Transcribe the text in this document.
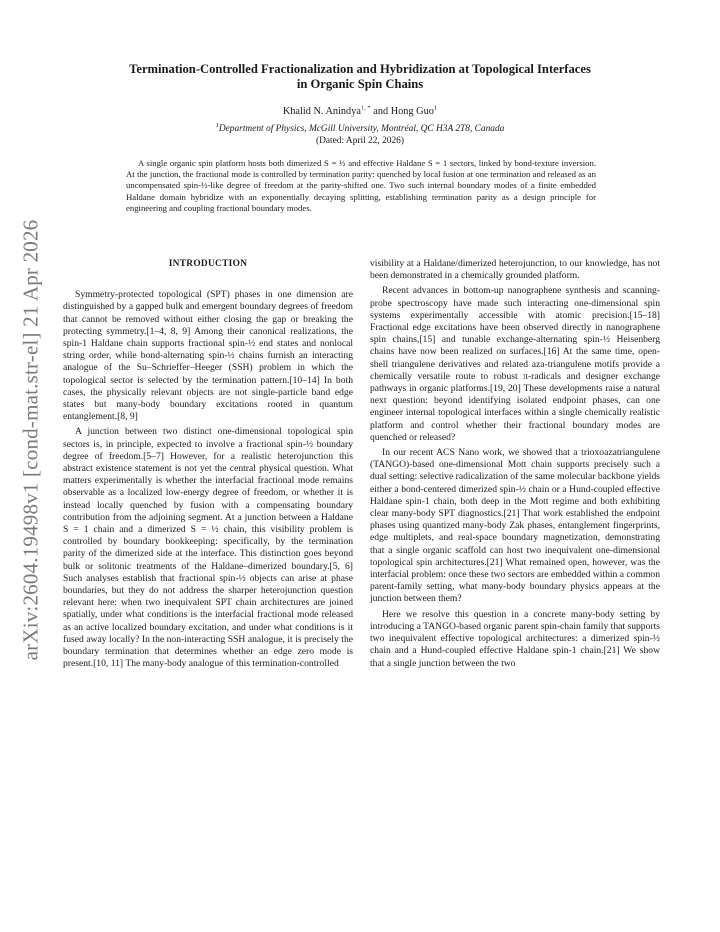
arXiv:2604.19498v1 [cond-mat.str-el] 21 Apr 2026
Termination-Controlled Fractionalization and Hybridization at Topological Interfaces
in Organic Spin Chains
Khalid N. Anindya$^{1, *}$ and Hong Guo$^1$
$^1$Department of Physics, McGill University, Montréal, QC H3A 2T8, Canada
(Dated: April 22, 2026)

A single organic spin platform hosts both dimerized S = ½ and effective Haldane S = 1 sectors, linked by bond-texture inversion. At the junction, the fractional mode is controlled by termination parity: quenched by local fusion at one termination and released as an uncompensated spin-½-like degree of freedom at the parity-shifted one. Two such internal boundary modes of a finite embedded Haldane domain hybridize with an exponentially decaying splitting, establishing termination parity as a design principle for engineering and coupling fractional boundary modes.

INTRODUCTION

Symmetry-protected topological (SPT) phases in one dimension are distinguished by a gapped bulk and emergent boundary degrees of freedom that cannot be removed without either closing the gap or breaking the protecting symmetry.[1–4, 8, 9] Among their canonical realizations, the spin-1 Haldane chain supports fractional spin-½ end states and nonlocal string order, while bond-alternating spin-½ chains furnish an interacting analogue of the Su–Schrieffer–Heeger (SSH) problem in which the topological sector is selected by the termination pattern.[10–14] In both cases, the physically relevant objects are not single-particle band edge states but many-body boundary excitations rooted in quantum entanglement.[8, 9]

A junction between two distinct one-dimensional topological spin sectors is, in principle, expected to involve a fractional spin-½ boundary degree of freedom.[5–7] However, for a realistic heterojunction this abstract existence statement is not yet the central physical question. What matters experimentally is whether the interfacial fractional mode remains observable as a localized low-energy degree of freedom, or whether it is instead locally quenched by fusion with a compensating boundary contribution from the adjoining segment. At a junction between a Haldane S = 1 chain and a dimerized S = ½ chain, this visibility problem is controlled by boundary bookkeeping: specifically, by the termination parity of the dimerized side at the interface. This distinction goes beyond bulk or solitonic treatments of the Haldane–dimerized boundary.[5, 6] Such analyses establish that fractional spin-½ objects can arise at phase boundaries, but they do not address the sharper heterojunction question relevant here: when two inequivalent SPT chain architectures are joined spatially, under what conditions is the interfacial fractional mode released as an active localized boundary excitation, and under what conditions is it fused away locally? In the non-interacting SSH analogue, it is precisely the boundary termination that determines whether an edge zero mode is present.[10, 11] The many-body analogue of this termination-controlled

visibility at a Haldane/dimerized heterojunction, to our knowledge, has not been demonstrated in a chemically grounded platform.

Recent advances in bottom-up nanographene synthesis and scanning-probe spectroscopy have made such interacting one-dimensional spin systems experimentally accessible with atomic precision.[15–18] Fractional edge excitations have been observed directly in nanographene spin chains,[15] and tunable exchange-alternating spin-½ Heisenberg chains have now been realized on surfaces.[16] At the same time, open-shell triangulene derivatives and related aza-triangulene motifs provide a chemically versatile route to robust π-radicals and designer exchange pathways in organic platforms.[19, 20] These developments raise a natural next question: beyond identifying isolated endpoint phases, can one engineer internal topological interfaces within a single chemically realistic platform and control whether their fractional boundary modes are quenched or released?

In our recent ACS Nano work, we showed that a trioxoazatriangulene (TANGO)-based one-dimensional Mott chain supports precisely such a dual setting: selective radicalization of the same molecular backbone yields either a bond-centered dimerized spin-½ chain or a Hund-coupled effective Haldane spin-1 chain, both deep in the Mott regime and both exhibiting clear many-body SPT diagnostics.[21] That work established the endpoint phases using quantized many-body Zak phases, entanglement fingerprints, edge multiplets, and real-space boundary magnetization, demonstrating that a single organic scaffold can host two inequivalent one-dimensional topological spin architectures.[21] What remained open, however, was the interfacial problem: once these two sectors are embedded within a common parent-family setting, what many-body boundary physics appears at the junction between them?

Here we resolve this question in a concrete many-body setting by introducing a TANGO-based organic parent spin-chain family that supports two inequivalent effective topological architectures: a dimerized spin-½ chain and a Hund-coupled effective Haldane spin-1 chain.[21] We show that a single junction between the two
